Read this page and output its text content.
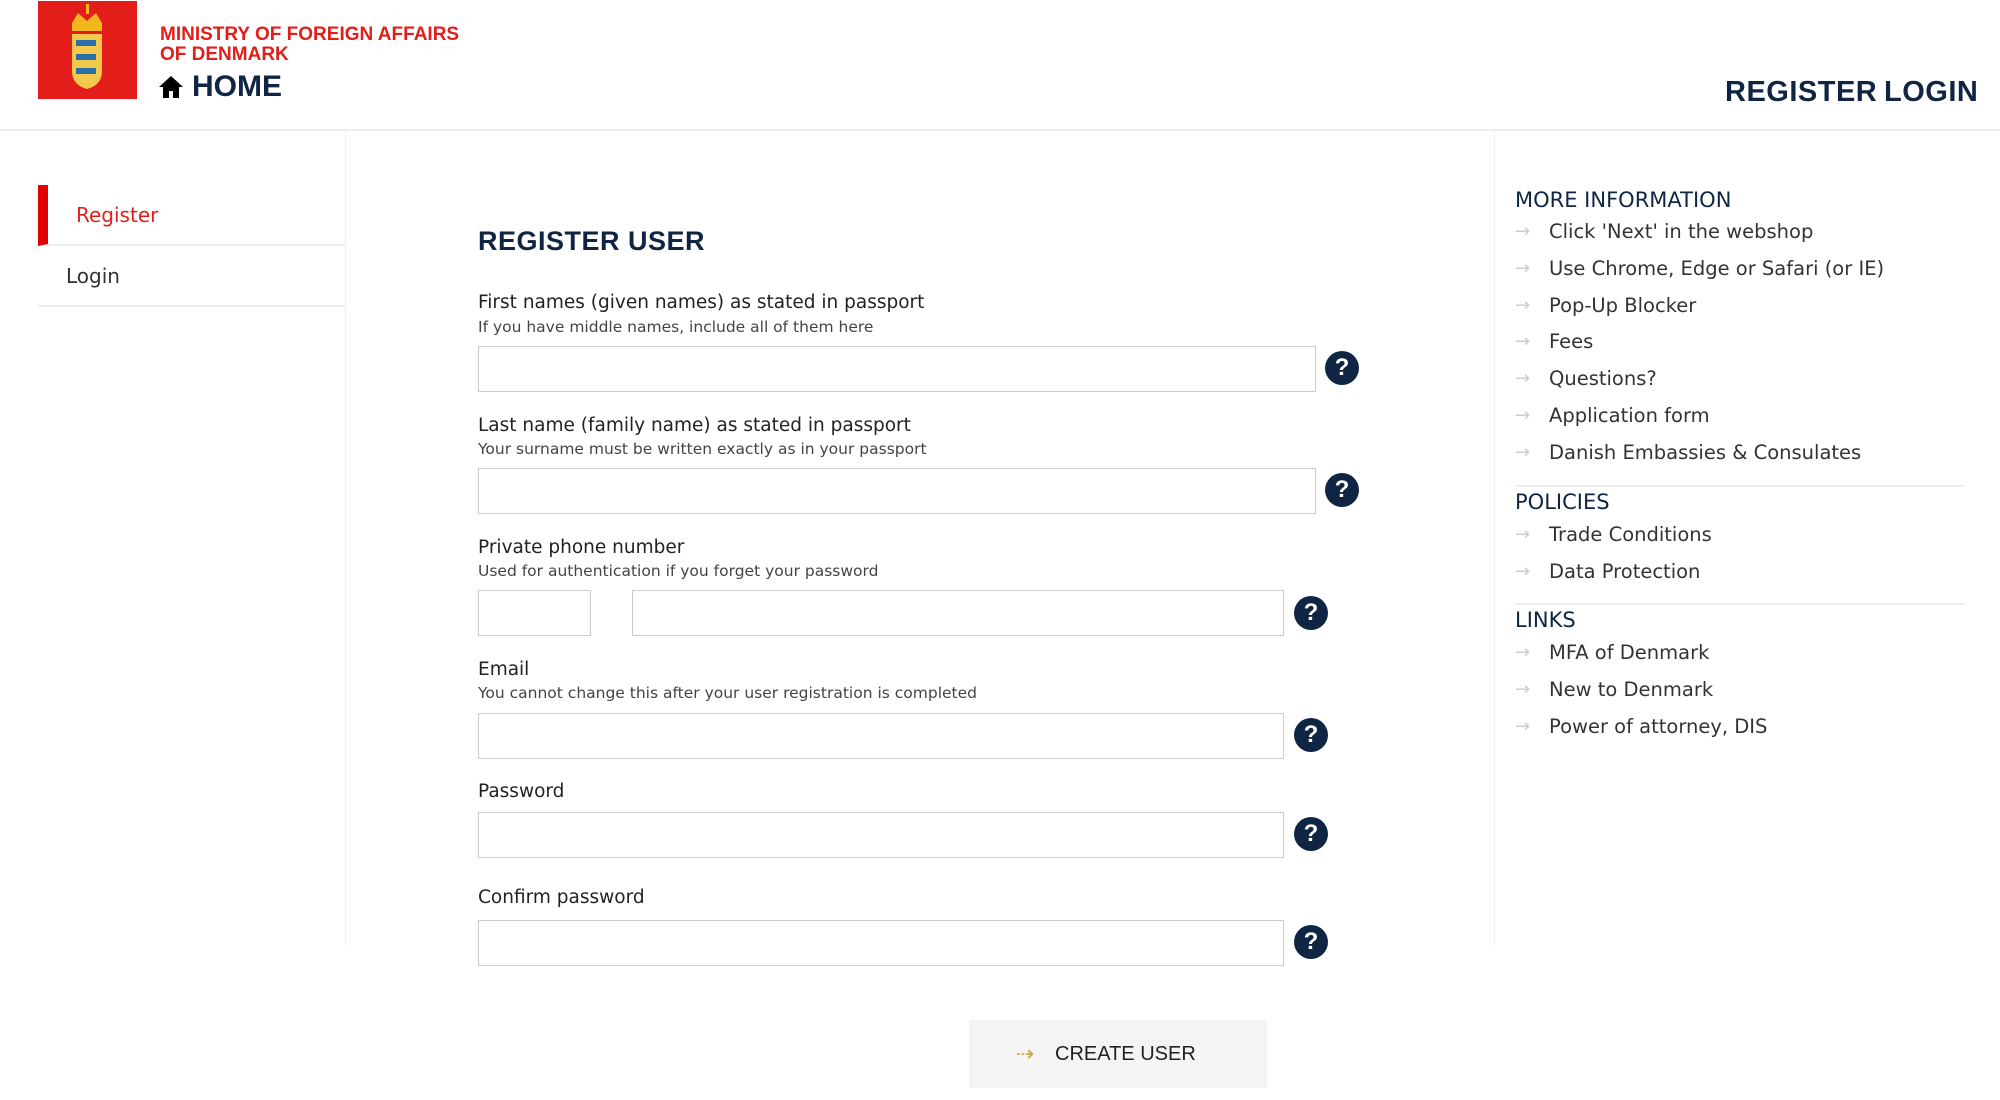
MINISTRY OF FOREIGN AFFAIRS
OF DENMARK
HOME	REGISTER LOGIN
Register
Login
REGISTER USER
First names (given names) as stated in passport
If you have middle names, include all of them here
?
Last name (family name) as stated in passport
Your surname must be written exactly as in your passport
?
Private phone number
Used for authentication if you forget your password
?
Email
You cannot change this after your user registration is completed
?
Password
?
Confirm password
?
⇢	CREATE USER
MORE INFORMATION
POLICIES
LINKS
→ Click 'Next' in the webshop
→ Use Chrome, Edge or Safari (or IE)
→ Pop-Up Blocker
→ Fees
→ Questions?
→ Application form
→ Danish Embassies & Consulates
→ Trade Conditions
→ Data Protection
→ MFA of Denmark
→ New to Denmark
→ Power of attorney, DIS
